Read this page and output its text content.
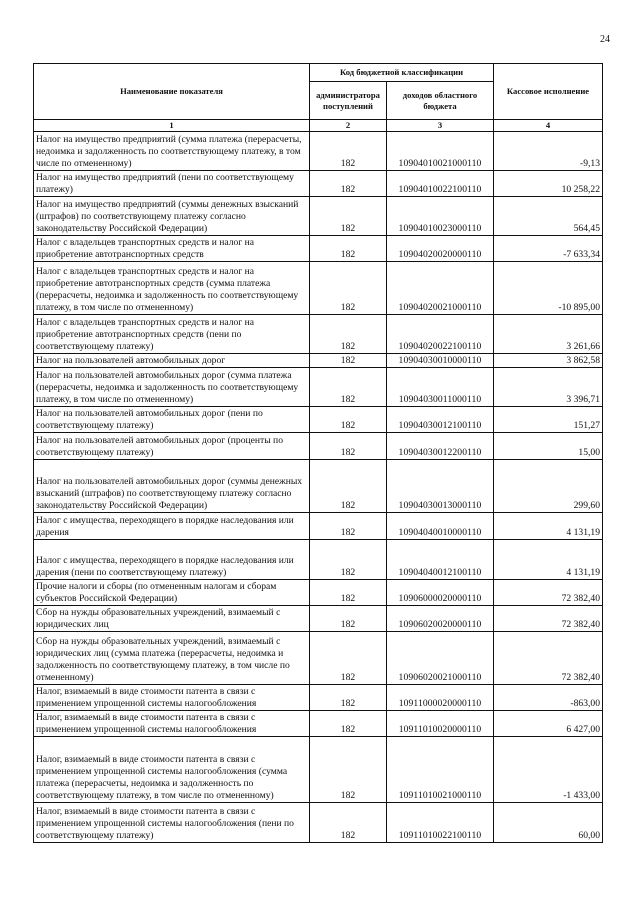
24
Наименование показателя	Код бюджетной классификации		Кассовое исполнение
	администратора поступлений	доходов областного бюджета	
1	2	3	4
Налог на имущество предприятий (сумма платежа (перерасчеты, недоимка и задолженность по соответствующему платежу, в том числе по отмененному)	182	10904010021000110	-9,13
Налог на имущество предприятий (пени по соответствующему платежу)	182	10904010022100110	10 258,22
Налог на имущество предприятий (суммы денежных взысканий (штрафов) по соответствующему платежу согласно законодательству Российской Федерации)	182	10904010023000110	564,45
Налог с владельцев транспортных средств и налог на приобретение автотранспортных средств	182	10904020020000110	-7 633,34
Налог с владельцев транспортных средств и налог на приобретение автотранспортных средств (сумма платежа (перерасчеты, недоимка и задолженность по соответствующему платежу, в том числе по отмененному)	182	10904020021000110	-10 895,00
Налог с владельцев транспортных средств и налог на приобретение автотранспортных средств (пени по соответствующему платежу)	182	10904020022100110	3 261,66
Налог на пользователей автомобильных дорог	182	10904030010000110	3 862,58
Налог на пользователей автомобильных дорог (сумма платежа (перерасчеты, недоимка и задолженность по соответствующему платежу, в том числе по отмененному)	182	10904030011000110	3 396,71
Налог на пользователей автомобильных дорог (пени по соответствующему платежу)	182	10904030012100110	151,27
Налог на пользователей автомобильных дорог (проценты по соответствующему платежу)	182	10904030012200110	15,00
Налог на пользователей автомобильных дорог (суммы денежных взысканий (штрафов) по соответствующему платежу согласно законодательству Российской Федерации)	182	10904030013000110	299,60
Налог с имущества, переходящего в порядке наследования или дарения	182	10904040010000110	4 131,19
Налог с имущества, переходящего в порядке наследования или дарения (пени по соответствующему платежу)	182	10904040012100110	4 131,19
Прочие налоги и сборы (по отмененным налогам и сборам субъектов Российской Федерации)	182	10906000020000110	72 382,40
Сбор на нужды образовательных учреждений, взимаемый с юридических лиц	182	10906020020000110	72 382,40
Сбор на нужды образовательных учреждений, взимаемый с юридических лиц (сумма платежа (перерасчеты, недоимка и задолженность по соответствующему платежу, в том числе по отмененному)	182	10906020021000110	72 382,40
Налог, взимаемый в виде стоимости патента в связи с применением упрощенной системы налогообложения	182	10911000020000110	-863,00
Налог, взимаемый в виде стоимости патента в связи с применением упрощенной системы налогообложения	182	10911010020000110	6 427,00
Налог, взимаемый в виде стоимости патента в связи с применением упрощенной системы налогообложения (сумма платежа (перерасчеты, недоимка и задолженность по соответствующему платежу, в том числе по отмененному)	182	10911010021000110	-1 433,00
Налог, взимаемый в виде стоимости патента в связи с применением упрощенной системы налогообложения (пени по соответствующему платежу)	182	10911010022100110	60,00
